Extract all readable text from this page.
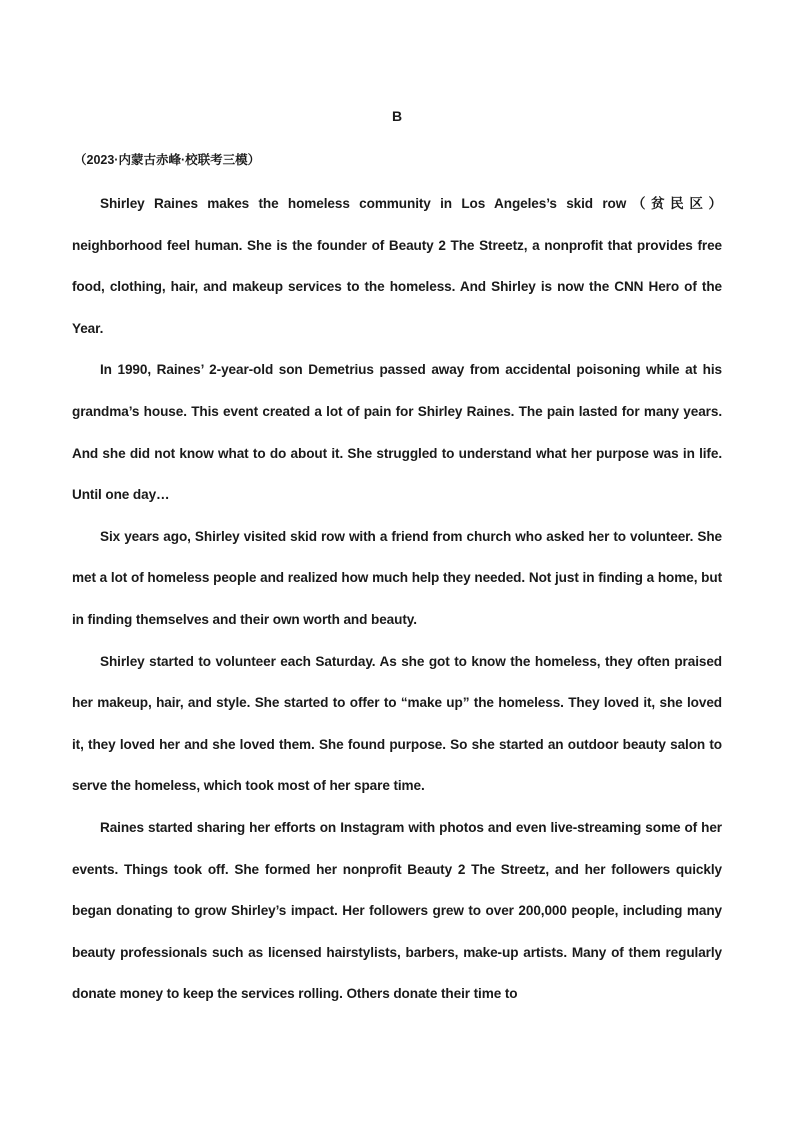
B
（2023·内蒙古赤峰·校联考三模）

Shirley Raines makes the homeless community in Los Angeles’s skid row（贫民区）neighborhood feel human. She is the founder of Beauty 2 The Streetz, a nonprofit that provides free food, clothing, hair, and makeup services to the homeless. And Shirley is now the CNN Hero of the Year.

In 1990, Raines’ 2-year-old son Demetrius passed away from accidental poisoning while at his grandma’s house. This event created a lot of pain for Shirley Raines. The pain lasted for many years. And she did not know what to do about it. She struggled to understand what her purpose was in life. Until one day…

Six years ago, Shirley visited skid row with a friend from church who asked her to volunteer. She met a lot of homeless people and realized how much help they needed. Not just in finding a home, but in finding themselves and their own worth and beauty.

Shirley started to volunteer each Saturday. As she got to know the homeless, they often praised her makeup, hair, and style. She started to offer to “make up” the homeless. They loved it, she loved it, they loved her and she loved them. She found purpose. So she started an outdoor beauty salon to serve the homeless, which took most of her spare time.

Raines started sharing her efforts on Instagram with photos and even live-streaming some of her events. Things took off. She formed her nonprofit Beauty 2 The Streetz, and her followers quickly began donating to grow Shirley’s impact. Her followers grew to over 200,000 people, including many beauty professionals such as licensed hairstylists, barbers, make-up artists. Many of them regularly donate money to keep the services rolling. Others donate their time to
